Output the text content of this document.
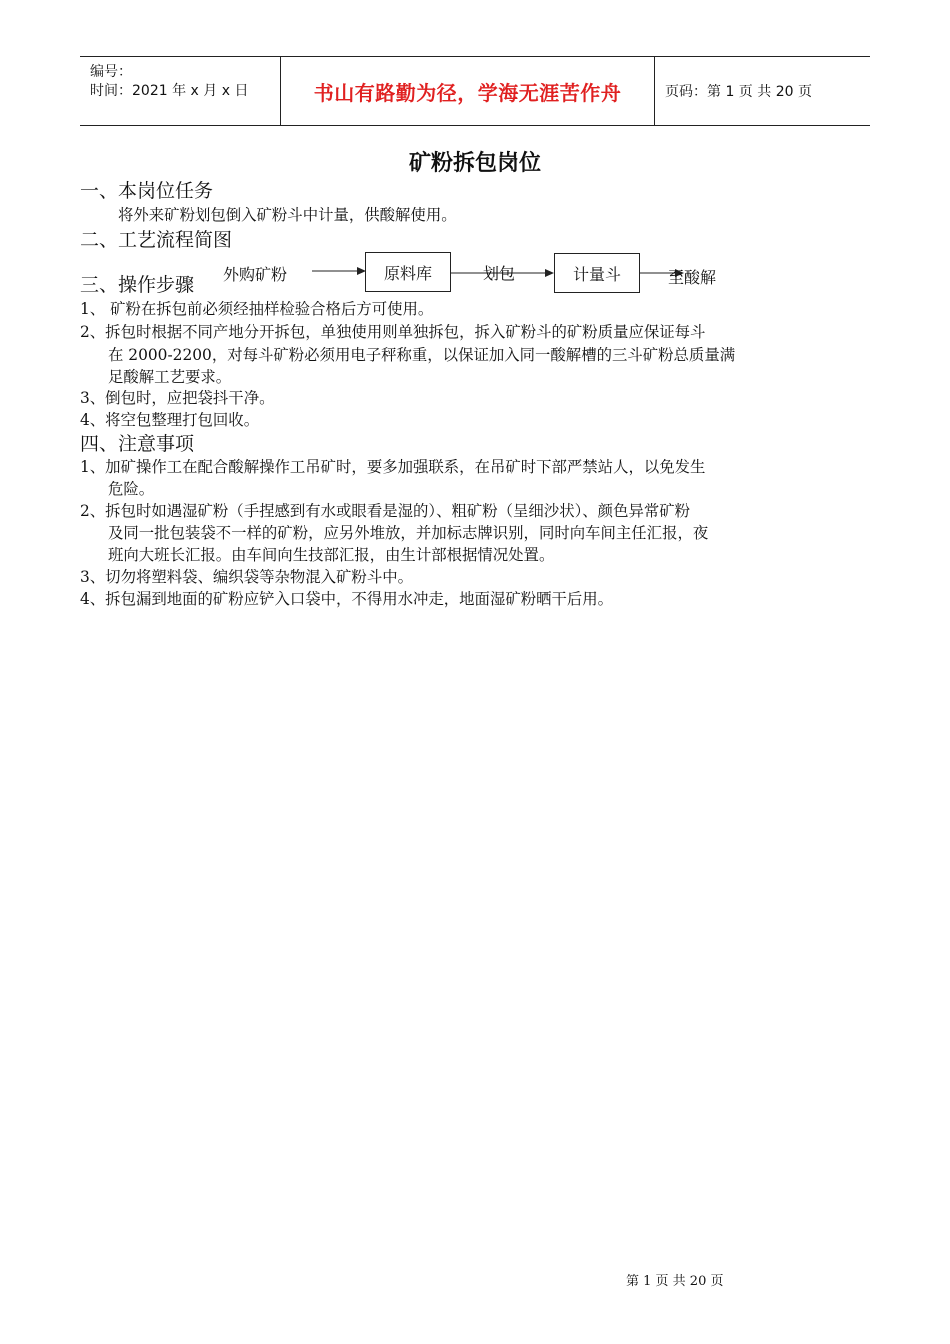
编号：
时间：2021 年 x 月 x 日	书山有路勤为径，学海无涯苦作舟	页码：第 1 页 共 20 页
矿粉拆包岗位
一、本岗位任务
将外来矿粉划包倒入矿粉斗中计量，供酸解使用。
二、工艺流程简图
外购矿粉	原料库	划包	计量斗	至酸解
三、操作步骤
1、 矿粉在拆包前必须经抽样检验合格后方可使用。
2、拆包时根据不同产地分开拆包，单独使用则单独拆包，拆入矿粉斗的矿粉质量应保证每斗
在 2000-2200，对每斗矿粉必须用电子秤称重，以保证加入同一酸解槽的三斗矿粉总质量满
足酸解工艺要求。
3、倒包时，应把袋抖干净。
4、将空包整理打包回收。
四、注意事项
1、加矿操作工在配合酸解操作工吊矿时，要多加强联系，在吊矿时下部严禁站人，以免发生
危险。
2、拆包时如遇湿矿粉（手捏感到有水或眼看是湿的）、粗矿粉（呈细沙状）、颜色异常矿粉
及同一批包装袋不一样的矿粉，应另外堆放，并加标志牌识别，同时向车间主任汇报，夜
班向大班长汇报。由车间向生技部汇报，由生计部根据情况处置。
3、切勿将塑料袋、编织袋等杂物混入矿粉斗中。
4、拆包漏到地面的矿粉应铲入口袋中，不得用水冲走，地面湿矿粉晒干后用。
第 1 页 共 20 页
